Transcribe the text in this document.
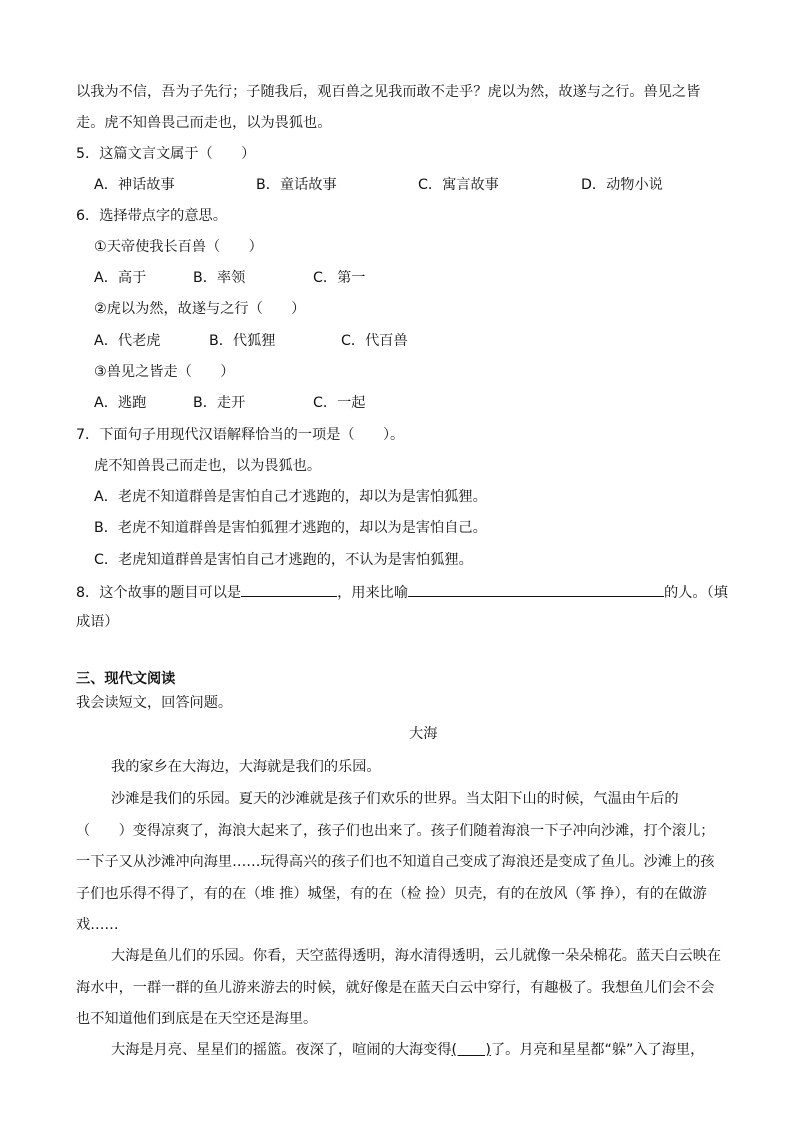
以我为不信，吾为子先行；子随我后，观百兽之见我而敢不走乎？虎以为然，故遂与之行。兽见之皆
走。虎不知兽畏己而走也，以为畏狐也。
5．这篇文言文属于（　　）
A．神话故事	B．童话故事	C．寓言故事	D．动物小说
6．选择带点字的意思。
①天帝使我长百兽（　　）
A．高于	B．率领	C．第一
②虎以为然，故遂与之行（　　）
A．代老虎	B．代狐狸	C．代百兽
③兽见之皆走（　　）
A．逃跑	B．走开	C．一起
7．下面句子用现代汉语解释恰当的一项是（　　）。
虎不知兽畏己而走也，以为畏狐也。
A．老虎不知道群兽是害怕自己才逃跑的，却以为是害怕狐狸。
B．老虎不知道群兽是害怕狐狸才逃跑的，却以为是害怕自己。
C．老虎知道群兽是害怕自己才逃跑的，不认为是害怕狐狸。
8．这个故事的题目可以是	，用来比喻	的人。（填
成语）
三、现代文阅读
我会读短文，回答问题。
大海
我的家乡在大海边，大海就是我们的乐园。
沙滩是我们的乐园。夏天的沙滩就是孩子们欢乐的世界。当太阳下山的时候，气温由午后的
（　　）变得凉爽了，海浪大起来了，孩子们也出来了。孩子们随着海浪一下子冲向沙滩，打个滚儿；
一下子又从沙滩冲向海里……玩得高兴的孩子们也不知道自己变成了海浪还是变成了鱼儿。沙滩上的孩
子们也乐得不得了，有的在（堆 推）城堡，有的在（检 捡）贝壳，有的在放风（筝 挣），有的在做游
戏……
大海是鱼儿们的乐园。你看，天空蓝得透明，海水清得透明，云儿就像一朵朵棉花。蓝天白云映在
海水中，一群一群的鱼儿游来游去的时候，就好像是在蓝天白云中穿行，有趣极了。我想鱼儿们会不会
也不知道他们到底是在天空还是海里。
大海是月亮、星星们的摇篮。夜深了，喧闹的大海变得(　　)了。月亮和星星都“躲”入了海里，
